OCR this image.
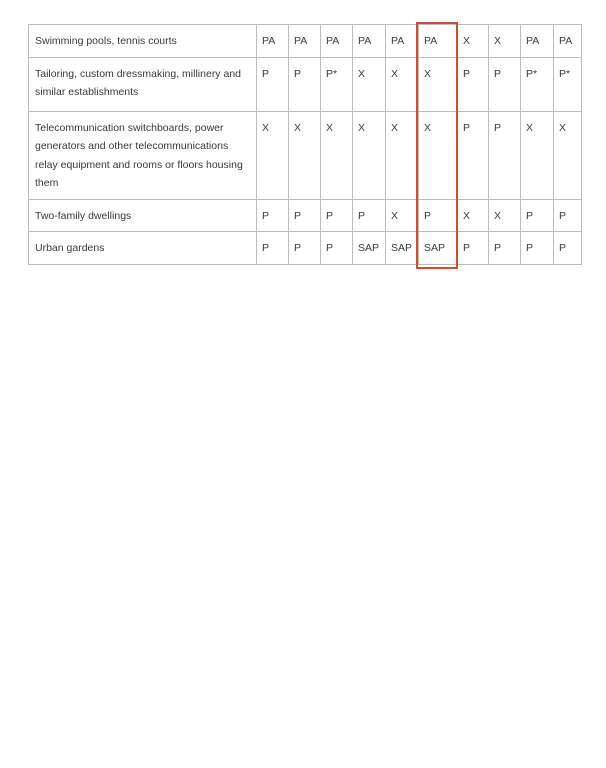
Swimming pools, tennis courts	PA	PA	PA	PA	PA	PA	X	X	PA	PA
Tailoring, custom dressmaking, millinery and similar establishments	P	P	P*	X	X	X	P	P	P*	P*
Telecommunication switchboards, power generators and other telecommunications relay equipment and rooms or floors housing them	X	X	X	X	X	X	P	P	X	X
Two-family dwellings	P	P	P	P	X	P	X	X	P	P
Urban gardens	P	P	P	SAP	SAP	SAP	P	P	P	P
